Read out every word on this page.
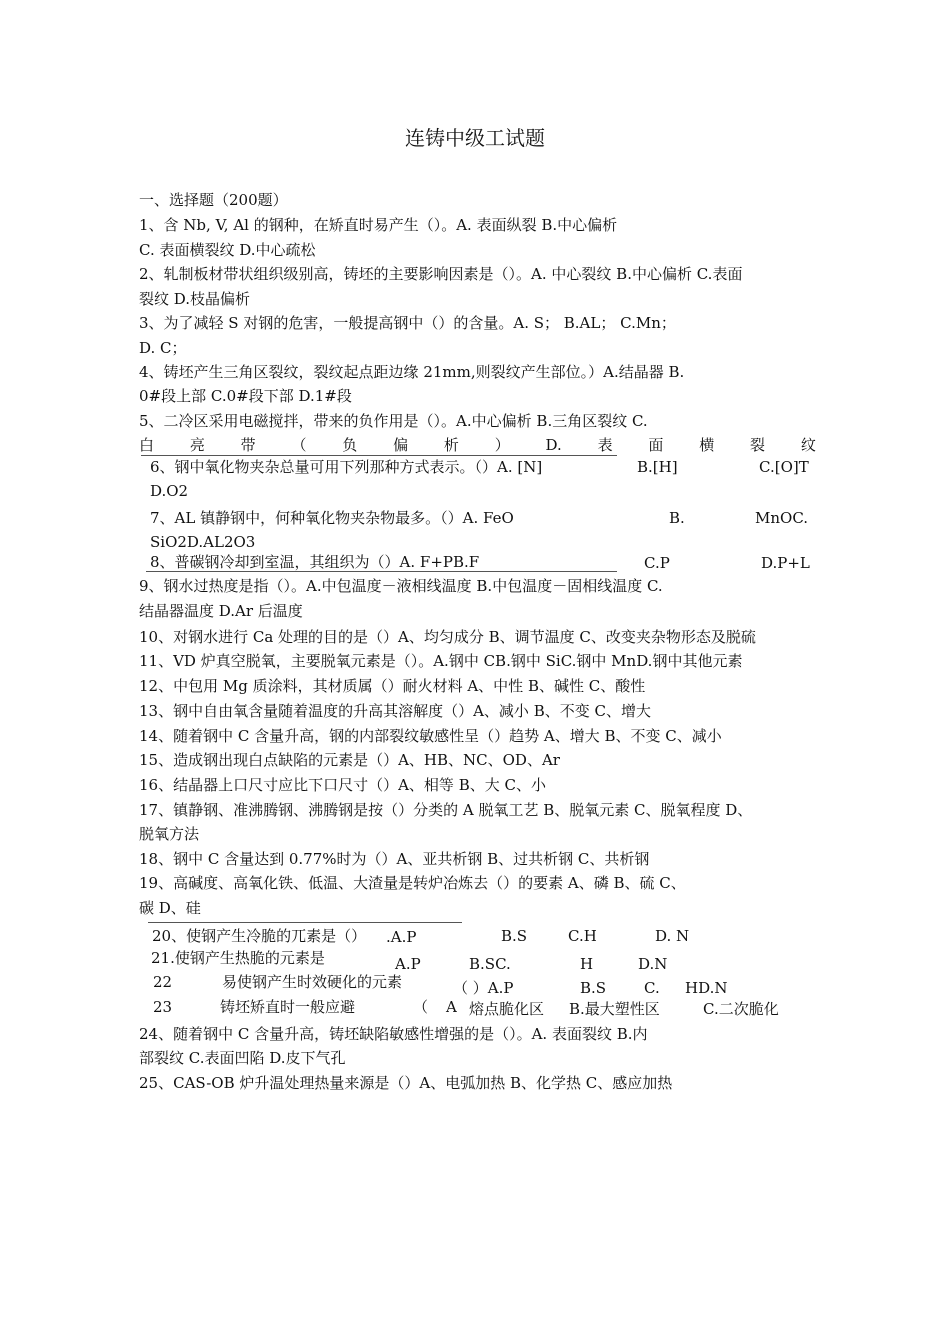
连铸中级工试题
一、选择题（200题）
1、含 Nb, V, Al 的钢种，在矫直时易产生（）。A. 表面纵裂 B.中心偏析
C. 表面横裂纹 D.中心疏松
2、轧制板材带状组织级别高，铸坯的主要影响因素是（）。A. 中心裂纹 B.中心偏析 C.表面
裂纹 D.枝晶偏析
3、为了减轻 S 对钢的危害，一般提高钢中（）的含量。A. S； B.AL； C.Mn；
D. C；
4、铸坯产生三角区裂纹，裂纹起点距边缘 21mm,则裂纹产生部位。）A.结晶器 B.
0#段上部 C.0#段下部 D.1#段
5、二冷区采用电磁搅拌，带来的负作用是（）。A.中心偏析 B.三角区裂纹 C.
白 亮 带 （ 负 偏 析 ） D. 表 面 横 裂 纹
6、钢中氧化物夹杂总量可用下列那种方式表示。（）A. [N]	B.[H]	C.[O]T
D.O2
7、AL 镇静钢中，何种氧化物夹杂物最多。（）A. FeO	B.	MnOC.
SiO2D.AL2O3
8、普碳钢冷却到室温，其组织为（）A. F+PB.F	C.P	D.P+L
9、钢水过热度是指（）。A.中包温度－液相线温度 B.中包温度－固相线温度 C.
结晶器温度 D.Ar 后温度
10、对钢水进行 Ca 处理的目的是（）A、均匀成分 B、调节温度 C、改变夹杂物形态及脱硫
11、VD 炉真空脱氧，主要脱氧元素是（）。A.钢中 CB.钢中 SiC.钢中 MnD.钢中其他元素
12、中包用 Mg 质涂料，其材质属（）耐火材料 A、中性 B、碱性 C、酸性
13、钢中自由氧含量随着温度的升高其溶解度（）A、减小 B、不变 C、增大
14、随着钢中 C 含量升高，钢的内部裂纹敏感性呈（）趋势 A、增大 B、不变 C、减小
15、造成钢出现白点缺陷的元素是（）A、HB、NC、OD、Ar
16、结晶器上口尺寸应比下口尺寸（）A、相等 B、大 C、小
17、镇静钢、准沸腾钢、沸腾钢是按（）分类的 A 脱氧工艺 B、脱氧元素 C、脱氧程度 D、
脱氧方法
18、钢中 C 含量达到 0.77%时为（）A、亚共析钢 B、过共析钢 C、共析钢
19、高碱度、高氧化铁、低温、大渣量是转炉冶炼去（）的要素 A、磷 B、硫 C、
碳 D、硅
20、使钢产生冷脆的兀素是（） .A.P	B.S	C.H	D. N
21.使钢产生热脆的元素是	A.P	B.SC.	H	D.N
22	易使钢产生时效硬化的元素	（ ）A.P	B.S	C. HD.N
23	铸坯矫直时一般应避	（ A 熔点脆化区 B.最大塑性区	C.二次脆化
24、随着钢中 C 含量升高，铸坯缺陷敏感性增强的是（）。A. 表面裂纹 B.内
部裂纹 C.表面凹陷 D.皮下气孔
25、CAS-OB 炉升温处理热量来源是（）A、电弧加热 B、化学热 C、感应加热
